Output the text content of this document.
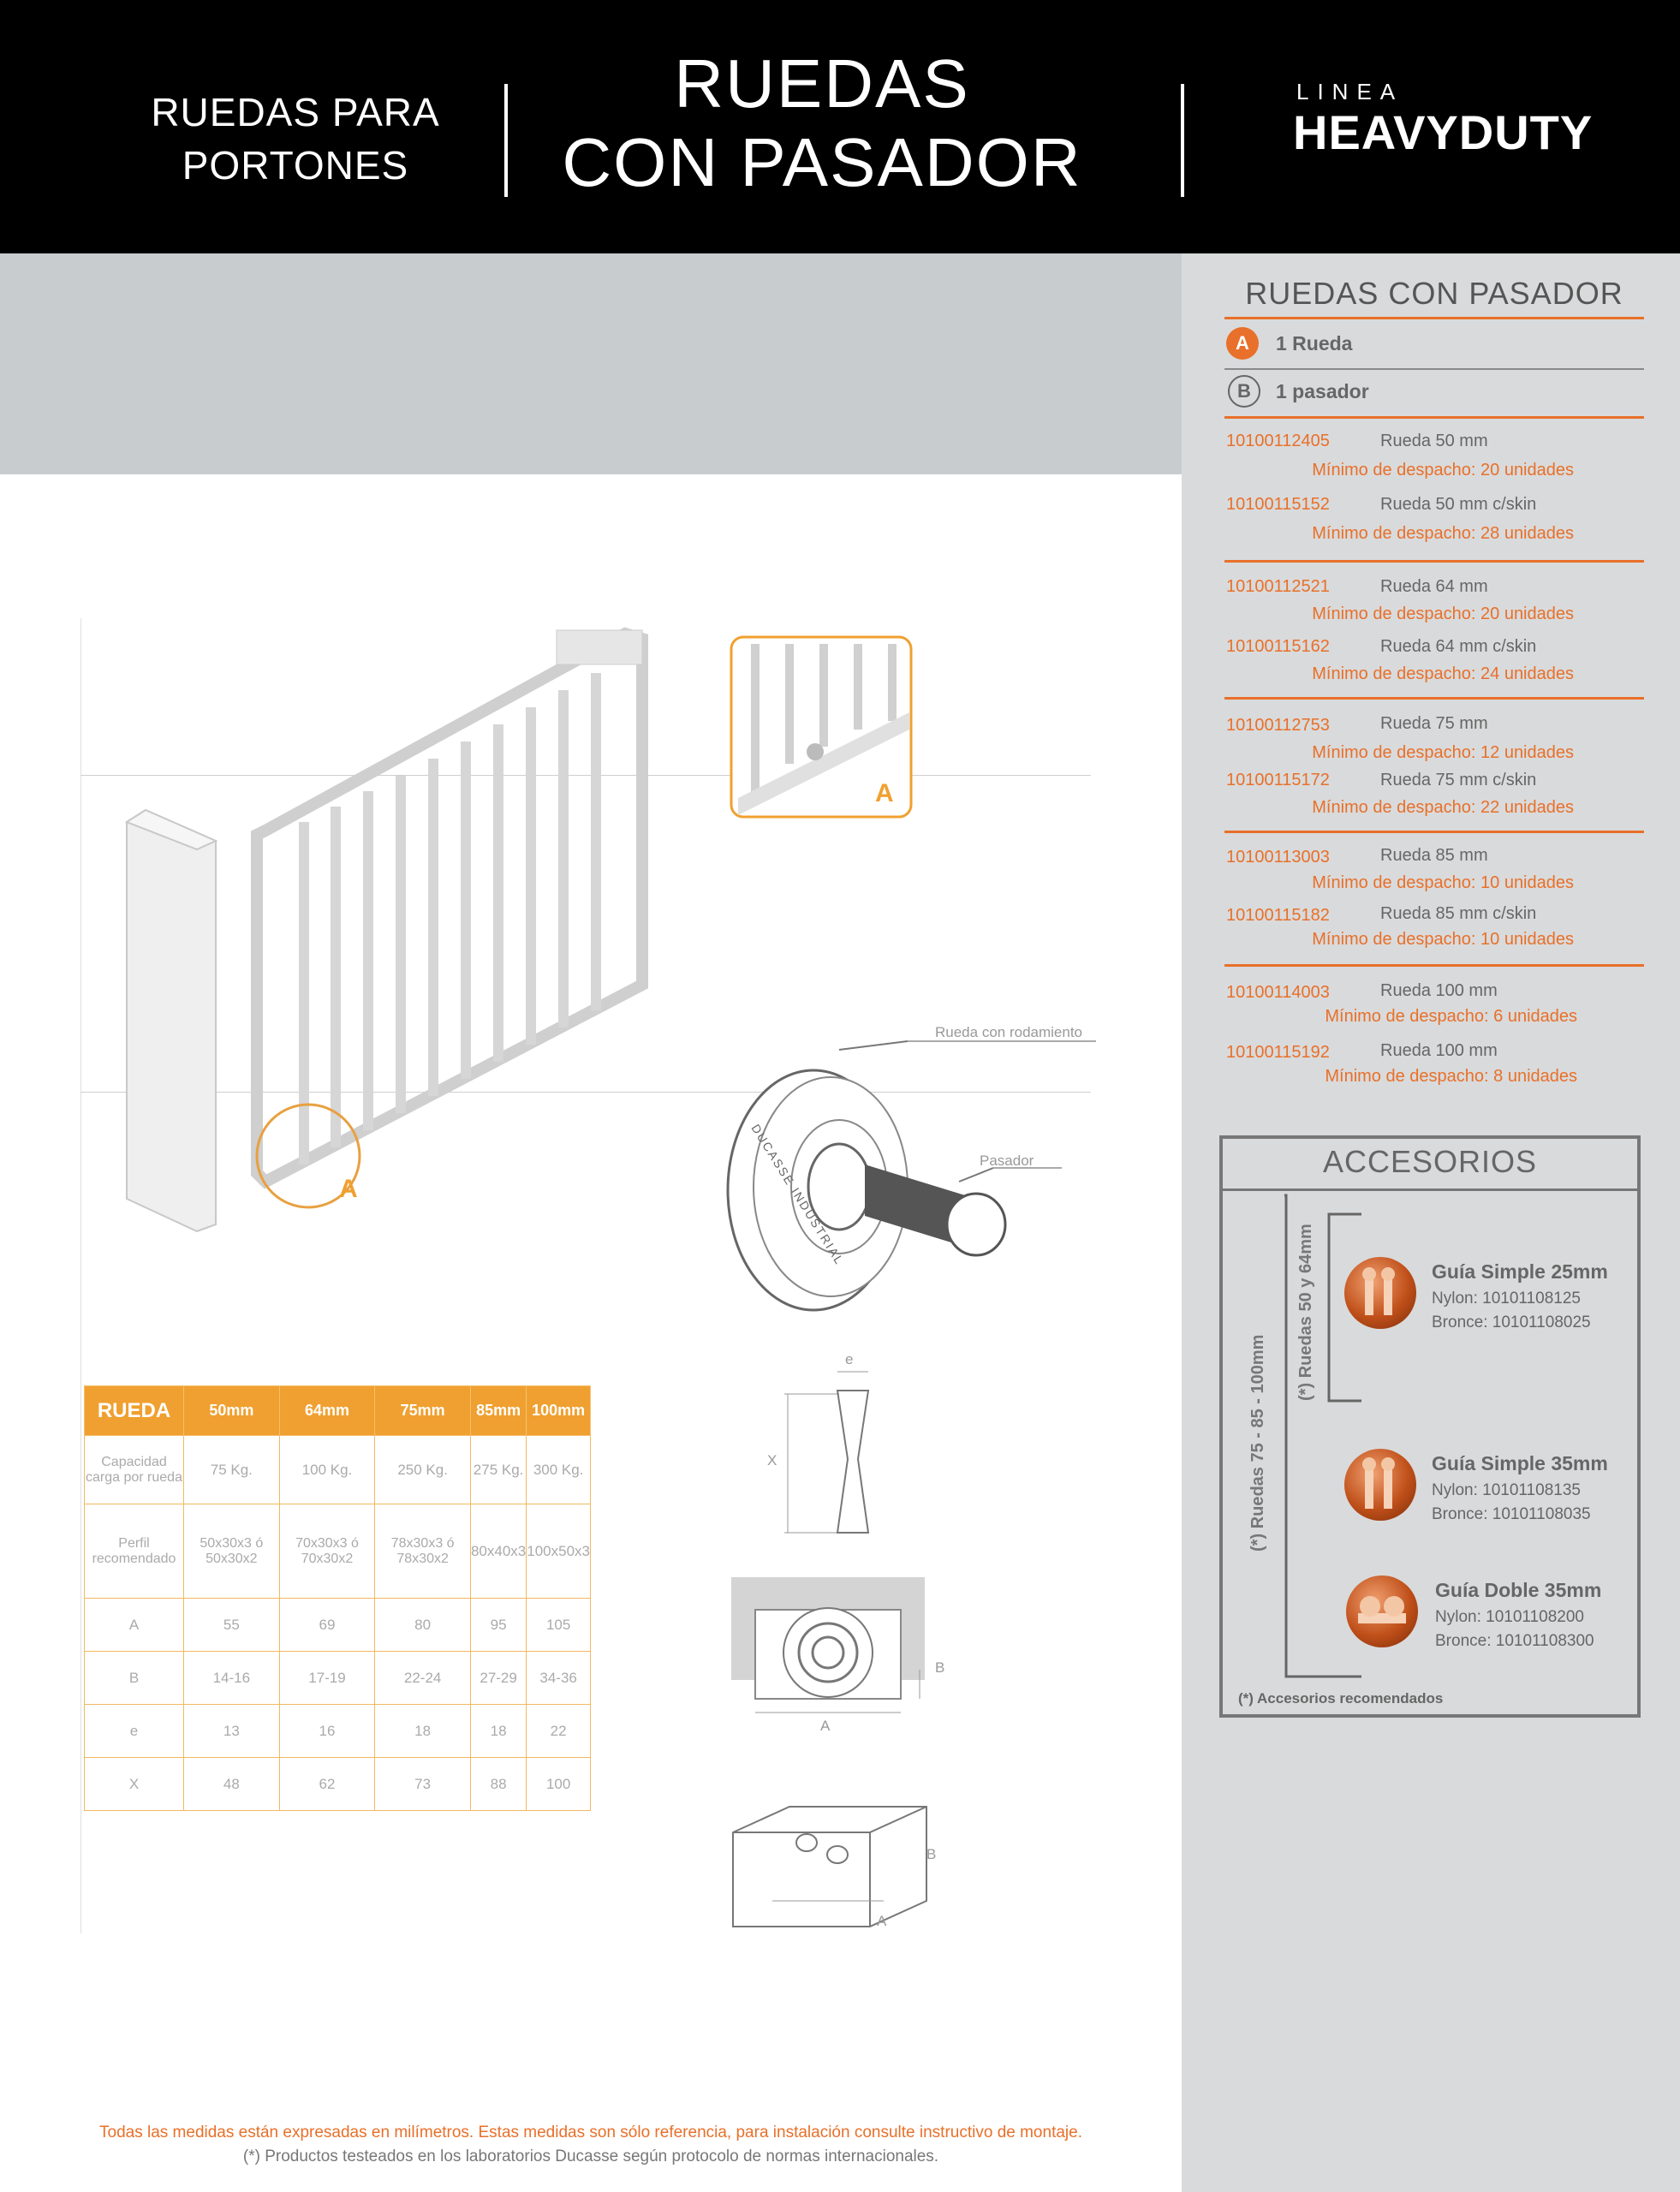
RUEDAS PARA
PORTONES
RUEDAS
CON PASADOR
LINEA
HEAVYDUTY
RUEDAS CON PASADOR
A	1 Rueda
B	1 pasador
10100112405	Rueda 50 mm
Mínimo de despacho: 20 unidades
10100115152	Rueda 50 mm c/skin
Mínimo de despacho: 28 unidades
10100112521	Rueda 64 mm
Mínimo de despacho: 20 unidades
10100115162	Rueda 64 mm c/skin
Mínimo de despacho: 24 unidades
10100112753	Rueda 75 mm
Mínimo de despacho: 12 unidades
10100115172	Rueda 75 mm c/skin
Mínimo de despacho: 22 unidades
10100113003	Rueda 85 mm
Mínimo de despacho: 10 unidades
10100115182	Rueda 85 mm c/skin
Mínimo de despacho: 10 unidades
10100114003	Rueda 100 mm
Mínimo de despacho: 6 unidades
10100115192	Rueda 100 mm
Mínimo de despacho: 8 unidades
ACCESORIOS
(*) Ruedas 75 - 85 - 100mm
(*) Ruedas 50 y 64mm	Guía Simple 25mm
Nylon: 10101108125
Bronce: 10101108025
Guía Simple 35mm
Nylon: 10101108135
Bronce: 10101108035
Guía Doble 35mm
Nylon: 10101108200
Bronce: 10101108300
(*) Accesorios recomendados
A
A
Rueda con rodamiento
Pasador
DUCASSE INDUSTRIAL
e
X
A
B
A
B
RUEDA	50mm	64mm	75mm	85mm	100mm
Capacidad carga por rueda	75 Kg.	100 Kg.	250 Kg.	275 Kg.	300 Kg.
Perfil recomendado	50x30x3 ó 50x30x2	70x30x3 ó 70x30x2	78x30x3 ó 78x30x2	80x40x3	100x50x3
A	55	69	80	95	105
B	14-16	17-19	22-24	27-29	34-36
e	13	16	18	18	22
X	48	62	73	88	100
Todas las medidas están expresadas en milímetros. Estas medidas son sólo referencia, para instalación consulte instructivo de montaje.
(*) Productos testeados en los laboratorios Ducasse según protocolo de normas internacionales.
